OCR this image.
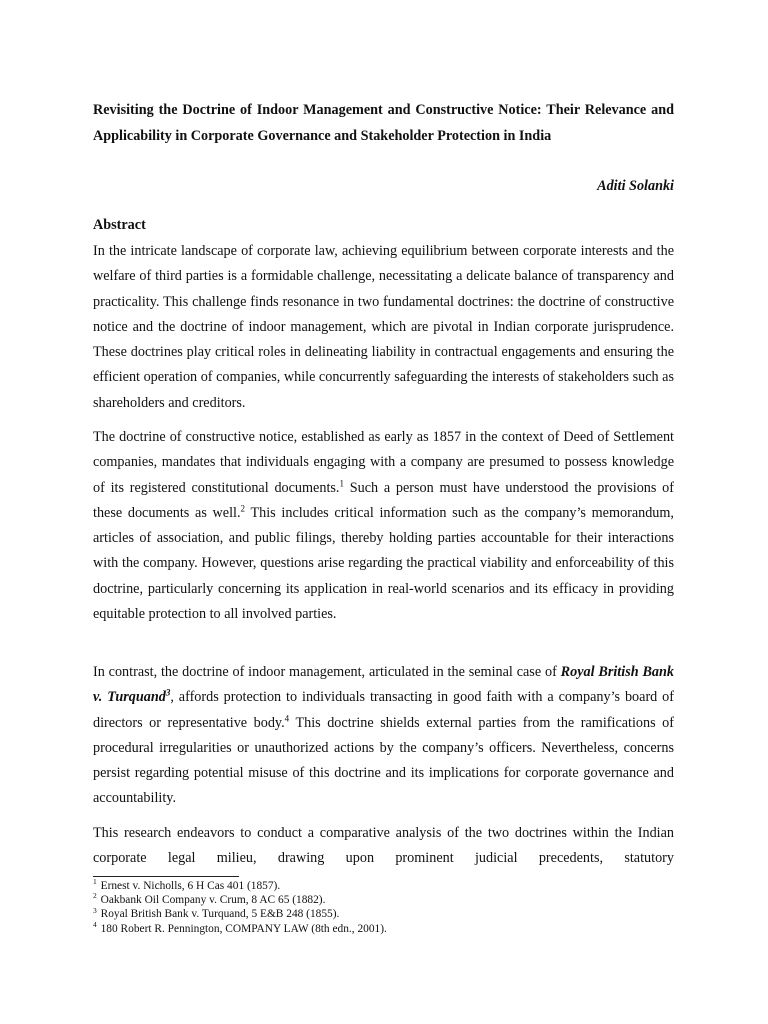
Revisiting the Doctrine of Indoor Management and Constructive Notice: Their Relevance and Applicability in Corporate Governance and Stakeholder Protection in India
Aditi Solanki
Abstract

In the intricate landscape of corporate law, achieving equilibrium between corporate interests and the welfare of third parties is a formidable challenge, necessitating a delicate balance of transparency and practicality. This challenge finds resonance in two fundamental doctrines: the doctrine of constructive notice and the doctrine of indoor management, which are pivotal in Indian corporate jurisprudence. These doctrines play critical roles in delineating liability in contractual engagements and ensuring the efficient operation of companies, while concurrently safeguarding the interests of stakeholders such as shareholders and creditors.

The doctrine of constructive notice, established as early as 1857 in the context of Deed of Settlement companies, mandates that individuals engaging with a company are presumed to possess knowledge of its registered constitutional documents.$^1$ Such a person must have understood the provisions of these documents as well.$^2$ This includes critical information such as the company’s memorandum, articles of association, and public filings, thereby holding parties accountable for their interactions with the company. However, questions arise regarding the practical viability and enforceability of this doctrine, particularly concerning its application in real-world scenarios and its efficacy in providing equitable protection to all involved parties.

In contrast, the doctrine of indoor management, articulated in the seminal case of Royal British Bank v. Turquand$^3$, affords protection to individuals transacting in good faith with a company’s board of directors or representative body.$^4$ This doctrine shields external parties from the ramifications of procedural irregularities or unauthorized actions by the company’s officers. Nevertheless, concerns persist regarding potential misuse of this doctrine and its implications for corporate governance and accountability.

This research endeavors to conduct a comparative analysis of the two doctrines within the Indian corporate legal milieu, drawing upon prominent judicial precedents, statutory

$^1$ Ernest v. Nicholls, 6 H Cas 401 (1857).
$^2$ Oakbank Oil Company v. Crum, 8 AC 65 (1882).
$^3$ Royal British Bank v. Turquand, 5 E&B 248 (1855).
$^4$ 180 Robert R. Pennington, COMPANY LAW (8th edn., 2001).
